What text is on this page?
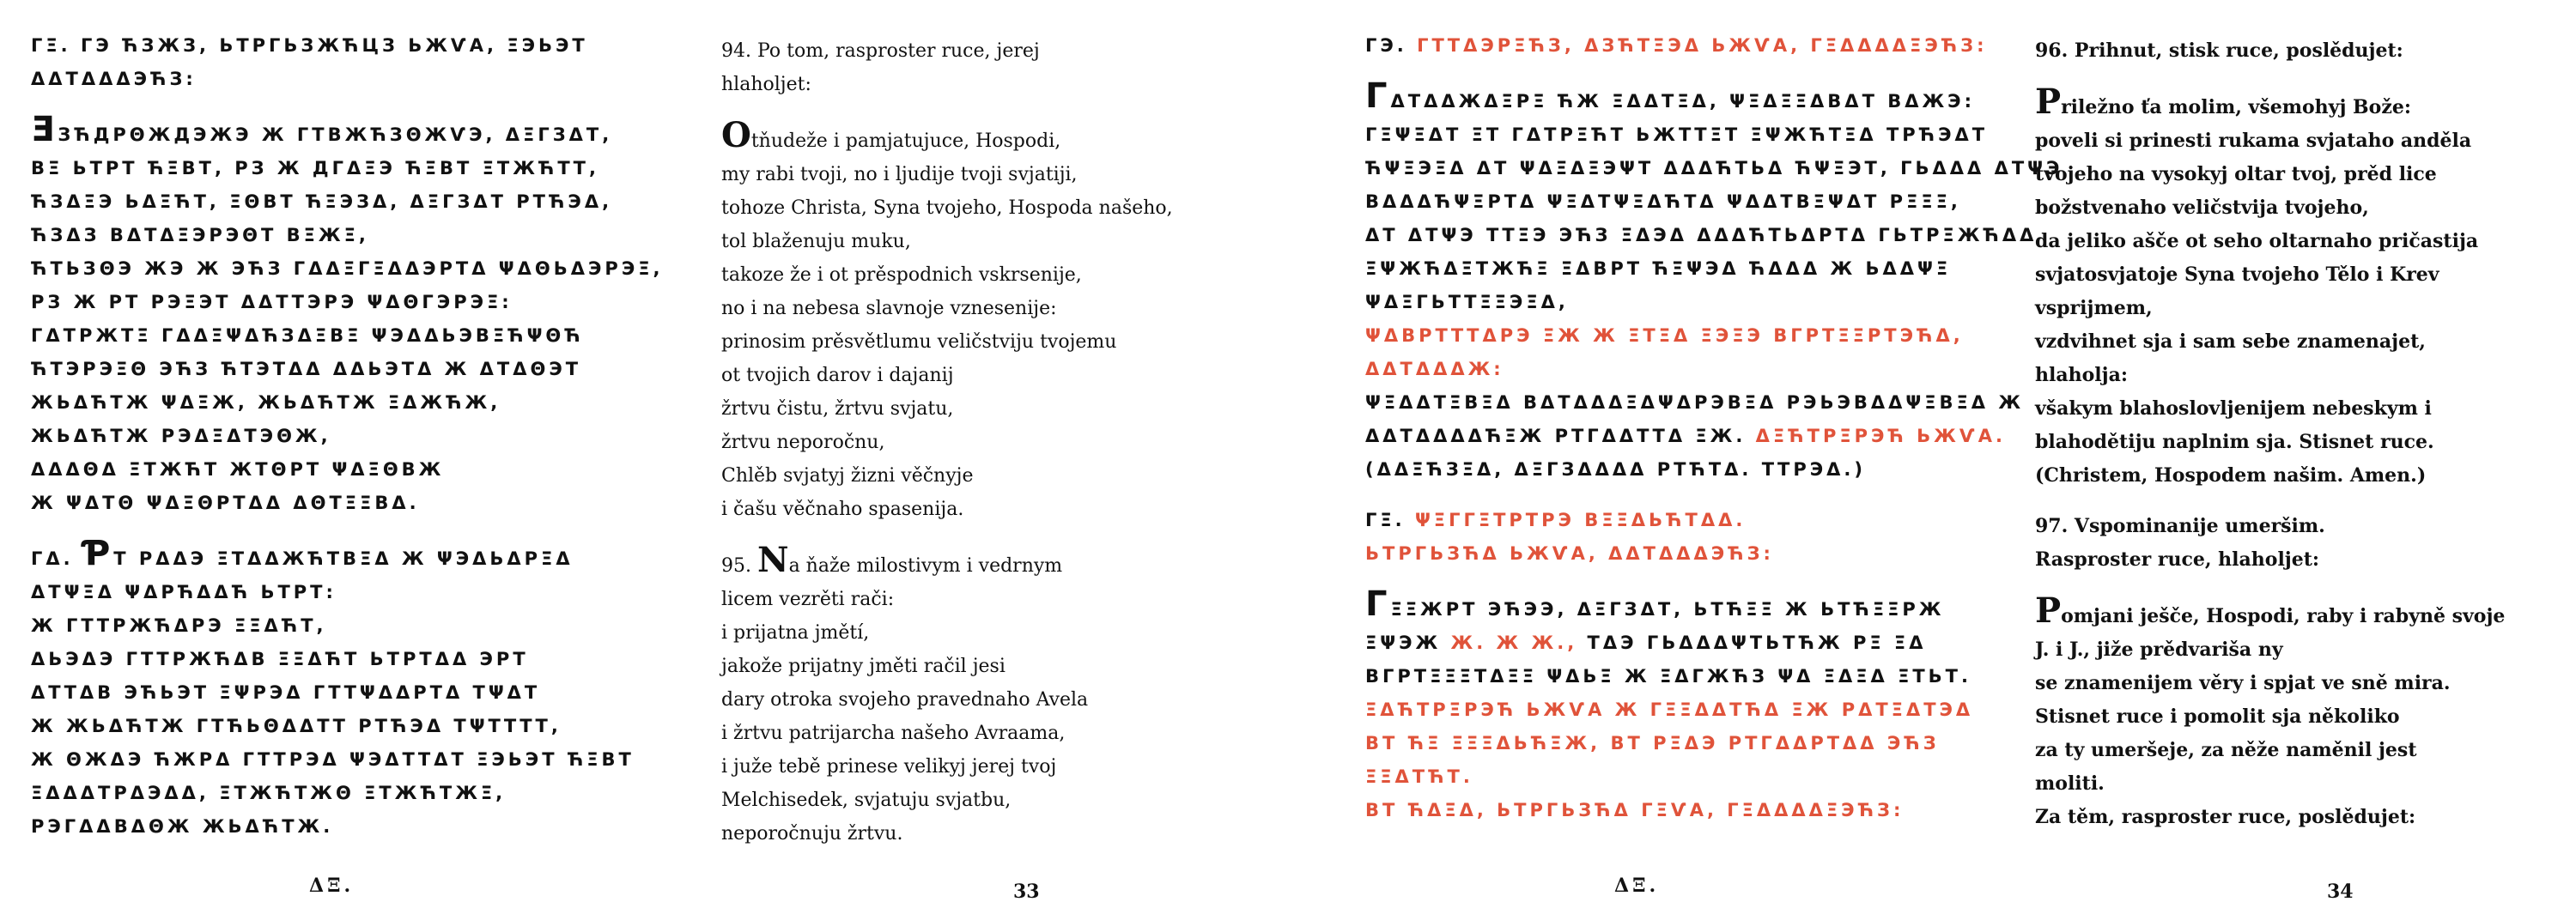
ΓΞ. ΓЭ ЋЗЖЗ, ЬΤΡΓЬЗЖЋЦЗ ЬЖѴА, ΞЭЬЭΤ
ΔΔΤΔΔΔЭЋЗ:
ƎЗЋДРΘЖДЭЖЭ Ж ΓΤΒЖЋЗΘЖѴЭ, ΔΞΓЗΔΤ,
ΒΞ ЬΤΡΤ ЋΞΒΤ, ΡЗ Ж ДΓΔΞЭ ЋΞΒΤ ΞΤЖЋΤΤ,
ЋЗΔΞЭ ЬΔΞЋΤ, ΞΘΒΤ ЋΞЭЗΔ, ΔΞΓЗΔΤ ΡΤЋЭΔ,
ЋЗΔЗ ΒΔΤΔΞЭΡЭΘΤ ΒΞЖΞ,
ЋΤЬЗΘЭ ЖЭ Ж ЭЋЗ ΓΔΔΞΓΞΔΔЭΡΤΔ ΨΔΘЬΔЭΡЭΞ,
ΡЗ Ж ΡΤ ΡЭΞЭΤ ΔΔΤΤЭΡЭ ΨΔΘΓЭΡЭΞ:
ΓΔΤΡЖΤΞ ΓΔΔΞΨΔЋЗΔΞΒΞ ΨЭΔΔЬЭΒΞЋΨΘЋ
ЋΤЭΡЭΞΘ ЭЋЗ ЋΤЭΤΔΔ ΔΔЬЭΤΔ Ж ΔΤΔΘЭΤ
ЖЬΔЋΤЖ ΨΔΞЖ, ЖЬΔЋΤЖ ΞΔЖЋЖ,
ЖЬΔЋΤЖ ΡЭΔΞΔΤЭΘЖ,
ΔΔΔΘΔ ΞΤЖЋΤ ЖΤΘΡΤ ΨΔΞΘΒЖ
Ж ΨΔΤΘ ΨΔΞΘΡΤΔΔ ΔΘΤΞΞΒΔ.
ΓΔ. ƤТ ΡΔΔЭ ΞΤΔΔЖЋΤΒΞΔ Ж ΨЭΔЬΔΡΞΔ
ΔΤΨΞΔ ΨΔΡЋΔΔЋ ЬΤΡΤ:
Ж ΓΤΤΡЖЋΔΡЭ ΞΞΔЋΤ,
ΔЬЭΔЭ ΓΤΤΡЖЋΔΒ ΞΞΔЋΤ ЬΤΡΤΔΔ ЭΡΤ
ΔΤΤΔΒ ЭЋЬЭΤ ΞΨΡЭΔ ΓΤΤΨΔΔΡΤΔ ΤΨΔΤ
Ж ЖЬΔЋΤЖ ΓΤЋЬΘΔΔΤΤ ΡΤЋЭΔ ΤΨΤΤΤΤ,
Ж ΘЖΔЭ ЋЖΡΔ ΓΤΤΡЭΔ ΨЭΔΤΤΔΤ ΞЭЬЭΤ ЋΞΒΤ
ΞΔΔΔΤΡΔЭΔΔ, ΞΤЖЋΤЖΘ ΞΤЖЋΤЖΞ,
ΡЭΓΔΔΒΔΘЖ ЖЬΔЋΤЖ.
ΔΞ.
94. Po tom, rasproster ruce, jerej
hlaholjet:
Otňudeže i pamjatujuce, Hospodi,
my rabi tvoji, no i ljudije tvoji svjatiji,
tohoze Christa, Syna tvojeho, Hospoda našeho,
tol blaženuju muku,
takoze že i ot prěspodnich vskrsenije,
no i na nebesa slavnoje vznesenije:
prinosim prěsvětlumu veličstviju tvojemu
ot tvojich darov i dajanij
žrtvu čistu, žrtvu svjatu,
žrtvu neporočnu,
Chlěb svjatyj žizni věčnyje
i čašu věčnaho spasenija.
95. Na ňaže milostivym i vedrnym
licem vezrěti rači:
i prijatna jmětí,
jakože prijatny jměti račil jesi
dary otroka svojeho pravednaho Avela
i žrtvu patrijarcha našeho Avraama,
i juže tebě prinese velikyj jerej tvoj
Melchisedek, svjatuju svjatbu,
neporočnuju žrtvu.
33
ΓЭ. ΓΤΤΔЭΡΞЋЗ, ΔЗЋΤΞЭΔ ЬЖѴА, ΓΞΔΔΔΔΞЭЋЗ:
ΓΔΤΔΔЖΔΞΡΞ ЋЖ ΞΔΔΤΞΔ, ΨΞΔΞΞΔΒΔΤ ΒΔЖЭ:
ΓΞΨΞΔΤ ΞΤ ΓΔΤΡΞЋΤ ЬЖΤΤΞΤ ΞΨЖЋΤΞΔ ΤΡЋЭΔΤ
ЋΨΞЭΞΔ ΔΤ ΨΔΞΔΞЭΨΤ ΔΔΔЋΤЬΔ ЋΨΞЭΤ, ΓЬΔΔΔ ΔΤΨЭ
ΒΔΔΔЋΨΞΡΤΔ ΨΞΔΤΨΞΔЋΤΔ ΨΔΔΤΒΞΨΔΤ ΡΞΞΞ,
ΔΤ ΔΤΨЭ ΤΤΞЭ ЭЋЗ ΞΔЭΔ ΔΔΔЋΤЬΔΡΤΔ ΓЬΤΡΞЖЋΔΔ
ΞΨЖЋΔΞΤЖЋΞ ΞΔΒΡΤ ЋΞΨЭΔ ЋΔΔΔ Ж ЬΔΔΨΞ
ΨΔΞΓЬΤΤΞΞЭΞΔ,
ΨΔΒΡΤΤΤΔΡЭ ΞЖ Ж ΞΤΞΔ ΞЭΞЭ ΒΓΡΤΞΞΡΤЭЋΔ,
ΔΔΤΔΔΔЖ:
ΨΞΔΔΤΞΒΞΔ ΒΔΤΔΔΔΞΔΨΔΡЭΒΞΔ ΡЭЬЭΒΔΔΨΞΒΞΔ Ж
ΔΔΤΔΔΔΔЋΞЖ ΡΤΓΔΔΤΤΔ ΞЖ. ΔΞЋΤΡΞΡЭЋ ЬЖѴА.
(ΔΔΞЋЗΞΔ, ΔΞΓЗΔΔΔΔ ΡΤЋΤΔ. ΤΤΡЭΔ.)
ΓΞ. ΨΞΓΓΞΤΡΤΡЭ ΒΞΞΔЬЋΤΔΔ.
ЬΤΡΓЬЗЋΔ ЬЖѴА, ΔΔΤΔΔΔЭЋЗ:
ΓΞΞЖΡΤ ЭЋЭЭ, ΔΞΓЗΔΤ, ЬΤЋΞΞ Ж ЬΤЋΞΞΡЖ
ΞΨЭЖ Ж. Ж Ж., ΤΔЭ ΓЬΔΔΔΨΤЬΤЋЖ ΡΞ ΞΔ
ΒΓΡΤΞΞΞΤΔΞΞ ΨΔЬΞ Ж ΞΔΓЖЋЗ ΨΔ ΞΔΞΔ ΞΤЬΤ.
ΞΔЋΤΡΞΡЭЋ ЬЖѴА Ж ΓΞΞΔΔΤЋΔ ΞЖ ΡΔΤΞΔΤЭΔ
ΒΤ ЋΞ ΞΞΞΔЬЋΞЖ, ΒΤ ΡΞΔЭ ΡΤΓΔΔΡΤΔΔ ЭЋЗ
ΞΞΔΤЋΤ.
ΒΤ ЋΔΞΔ, ЬΤΡΓЬЗЋΔ ΓΞѴА, ΓΞΔΔΔΔΞЭЋЗ:
ΔΞ.
96. Prihnut, stisk ruce, poslědujet:
Priležno ťa molim, všemohyj Bože:
poveli si prinesti rukama svjataho anděla
tvojeho na vysokyj oltar tvoj, prěd lice
božstvenaho veličstvija tvojeho,
da jeliko ašče ot seho oltarnaho pričastija
svjatosvjatoje Syna tvojeho Tělo i Krev
vsprijmem,
vzdvihnet sja i sam sebe znamenajet,
hlaholja:
všakym blahoslovljenijem nebeskym i
blahodětiju naplnim sja. Stisnet ruce.
(Christem, Hospodem našim. Amen.)
97. Vspominanije umeršim.
Rasproster ruce, hlaholjet:
Pomjani ješče, Hospodi, raby i rabyně svoje
J. i J., jiže prědvariša ny
se znamenijem věry i spjat ve sně mira.
Stisnet ruce i pomolit sja několiko
za ty umeršeje, za něže naměnil jest
moliti.
Za těm, rasproster ruce, poslědujet:
34
